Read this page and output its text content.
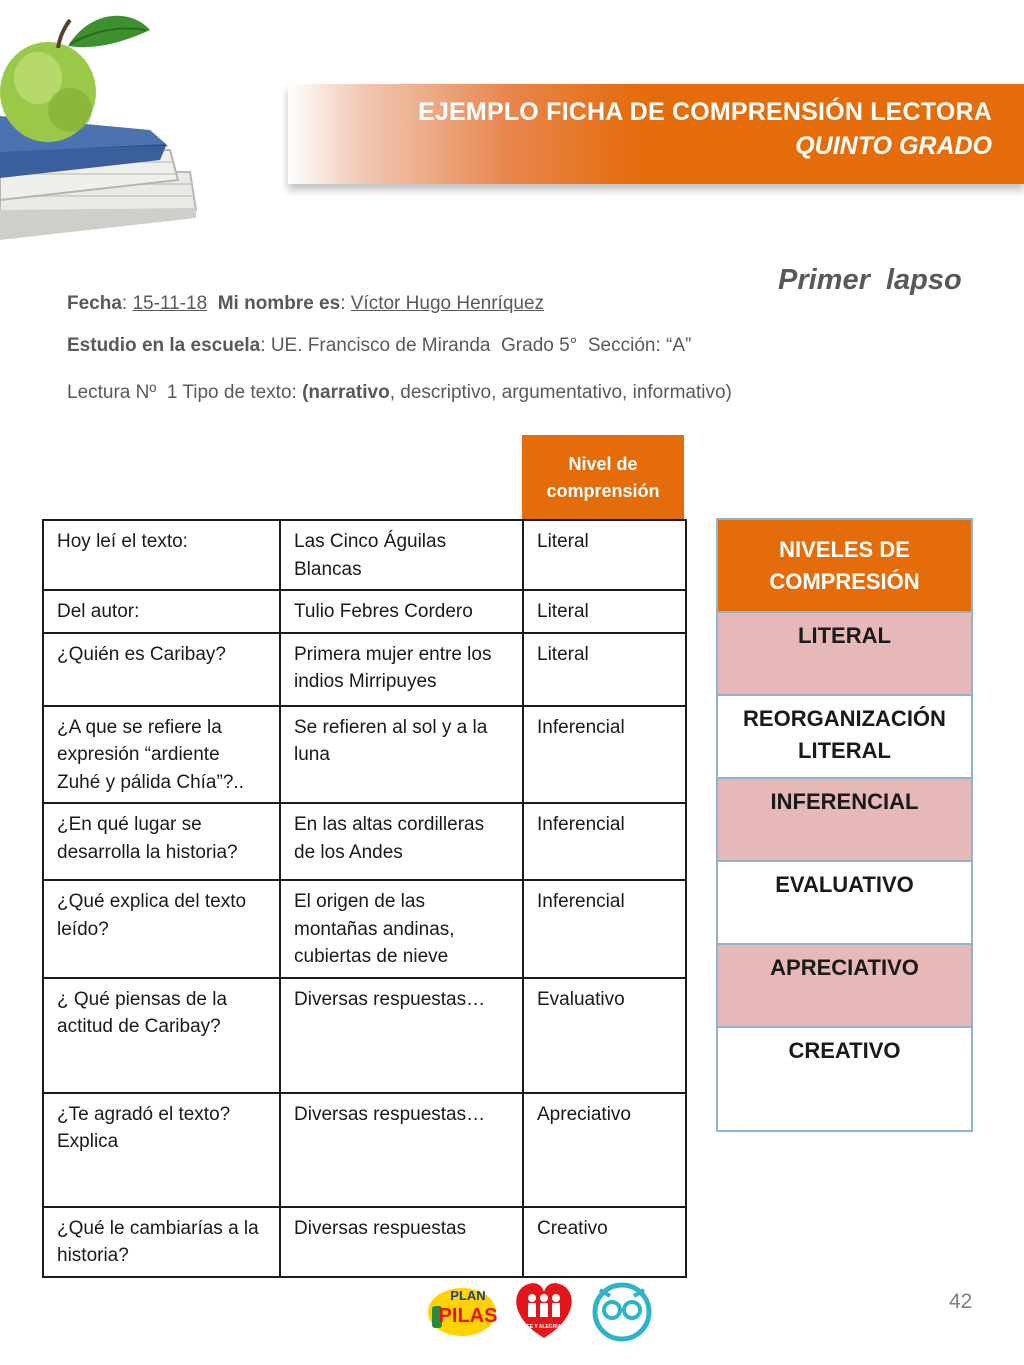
EJEMPLO FICHA DE COMPRENSIÓN LECTORA
QUINTO GRADO
Primer  lapso
Fecha: 15-11-18 Mi nombre es: Víctor Hugo Henríquez
Estudio en la escuela: UE. Francisco de Miranda Grado 5° Sección: “A”
Lectura Nº  1 Tipo de texto: (narrativo, descriptivo, argumentativo, informativo)
Nivel de comprensión
Hoy leí el texto:	Las Cinco Águilas Blancas	Literal
Del autor:	Tulio Febres Cordero	Literal
¿Quién es Caribay?	Primera mujer entre los indios Mirripuyes	Literal
¿A que se refiere la expresión “ardiente Zuhé y pálida Chía”?..	Se refieren al sol y a la luna	Inferencial
¿En qué lugar se desarrolla la historia?	En las altas cordilleras de los Andes	Inferencial
¿Qué explica del texto leído?	El origen de las montañas andinas, cubiertas de nieve	Inferencial
¿ Qué piensas de la actitud de Caribay?	Diversas respuestas…	Evaluativo
¿Te agradó el texto? Explica	Diversas respuestas…	Apreciativo
¿Qué le cambiarías a la historia?	Diversas respuestas	Creativo
NIVELES DE COMPRESIÓN
LITERAL
REORGANIZACIÓN LITERAL
INFERENCIAL
EVALUATIVO
APRECIATIVO
CREATIVO
PLAN
PILAS	FE Y ALEGRIA
42
